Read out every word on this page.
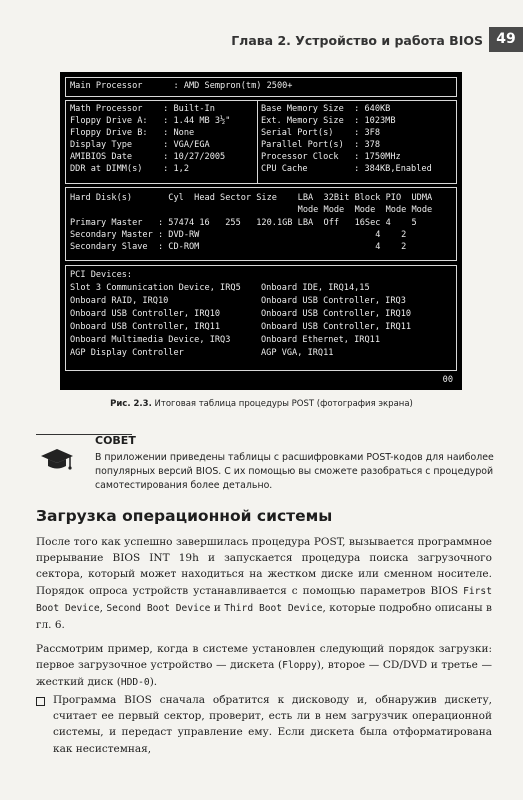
Глава 2. Устройство и работа BIOS 49
Main Processor      : AMD Sempron(tm) 2500+
Math Processor    : Built-In
Floppy Drive A:   : 1.44 MB 3½"
Floppy Drive B:   : None
Display Type      : VGA/EGA
AMIBIOS Date      : 10/27/2005
DDR at DIMM(s)    : 1,2
Base Memory Size  : 640KB
Ext. Memory Size  : 1023MB
Serial Port(s)    : 3F8
Parallel Port(s)  : 378
Processor Clock   : 1750MHz
CPU Cache         : 384KB,Enabled
Hard Disk(s)       Cyl  Head Sector Size    LBA  32Bit Block PIO  UDMA
Mode Mode  Mode  Mode Mode
Primary Master   : 57474 16   255   120.1GB LBA  Off   16Sec 4    5
Secondary Master : DVD-RW                                  4    2
Secondary Slave  : CD-ROM                                  4    2
PCI Devices:
Slot 3 Communication Device, IRQ5
Onboard RAID, IRQ10
Onboard USB Controller, IRQ10
Onboard USB Controller, IRQ11
Onboard Multimedia Device, IRQ3
AGP Display Controller
Onboard IDE, IRQ14,15
Onboard USB Controller, IRQ3
Onboard USB Controller, IRQ10
Onboard USB Controller, IRQ11
Onboard Ethernet, IRQ11
AGP VGA, IRQ11
00
Рис. 2.3. Итоговая таблица процедуры POST (фотография экрана)
СОВЕТ
В приложении приведены таблицы с расшифровками POST-кодов для наиболее популярных версий BIOS. С их помощью вы сможете разобраться с процедурой самотестирования более детально.
Загрузка операционной системы
После того как успешно завершилась процедура POST, вызывается программное прерывание BIOS INT 19h и запускается процедура поиска загрузочного сектора, который может находиться на жестком диске или сменном носителе. Порядок опроса устройств устанавливается с помощью параметров BIOS First Boot Device, Second Boot Device и Third Boot Device, которые подробно описаны в гл. 6.
Рассмотрим пример, когда в системе установлен следующий порядок загрузки: первое загрузочное устройство — дискета (Floppy), второе — CD/DVD и третье — жесткий диск (HDD-0).
Программа BIOS сначала обратится к дисководу и, обнаружив дискету, считает ее первый сектор, проверит, есть ли в нем загрузчик операционной системы, и передаст управление ему. Если дискета была отформатирована как несистемная,
